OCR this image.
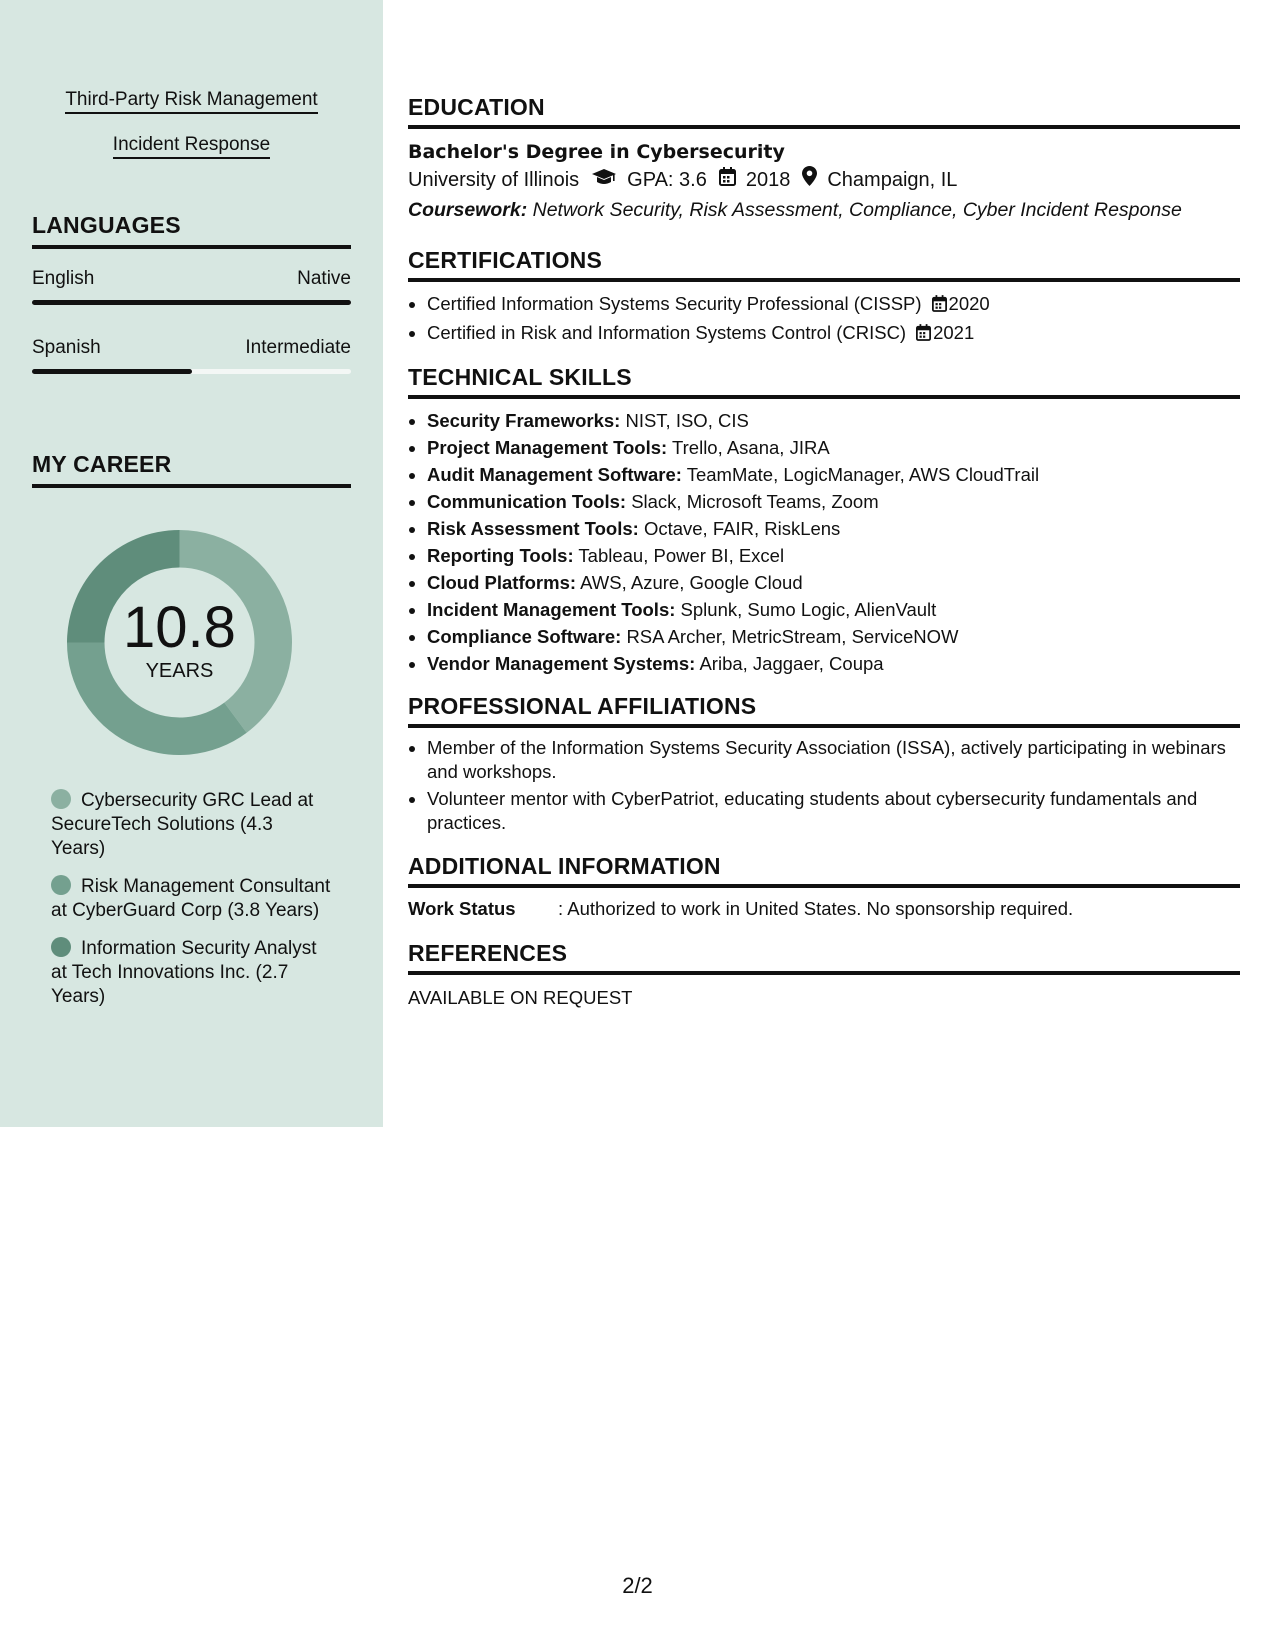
Third-Party Risk Management
Incident Response
LANGUAGES
English	Native
Spanish	Intermediate
MY CAREER
10.8
YEARS
Cybersecurity GRC Lead at SecureTech Solutions (4.3 Years)
Risk Management Consultant at CyberGuard Corp (3.8 Years)
Information Security Analyst at Tech Innovations Inc. (2.7 Years)
EDUCATION
Bachelor's Degree in Cybersecurity
University of Illinois GPA: 3.6 2018 Champaign, IL
Coursework: Network Security, Risk Assessment, Compliance, Cyber Incident Response
CERTIFICATIONS
• Certified Information Systems Security Professional (CISSP) 2020
• Certified in Risk and Information Systems Control (CRISC) 2021
TECHNICAL SKILLS
• Security Frameworks: NIST, ISO, CIS
• Project Management Tools: Trello, Asana, JIRA
• Audit Management Software: TeamMate, LogicManager, AWS CloudTrail
• Communication Tools: Slack, Microsoft Teams, Zoom
• Risk Assessment Tools: Octave, FAIR, RiskLens
• Reporting Tools: Tableau, Power BI, Excel
• Cloud Platforms: AWS, Azure, Google Cloud
• Incident Management Tools: Splunk, Sumo Logic, AlienVault
• Compliance Software: RSA Archer, MetricStream, ServiceNOW
• Vendor Management Systems: Ariba, Jaggaer, Coupa
PROFESSIONAL AFFILIATIONS
• Member of the Information Systems Security Association (ISSA), actively participating in webinars and workshops.
• Volunteer mentor with CyberPatriot, educating students about cybersecurity fundamentals and practices.
ADDITIONAL INFORMATION
Work Status	: Authorized to work in United States. No sponsorship required.
REFERENCES
AVAILABLE ON REQUEST
2/2
